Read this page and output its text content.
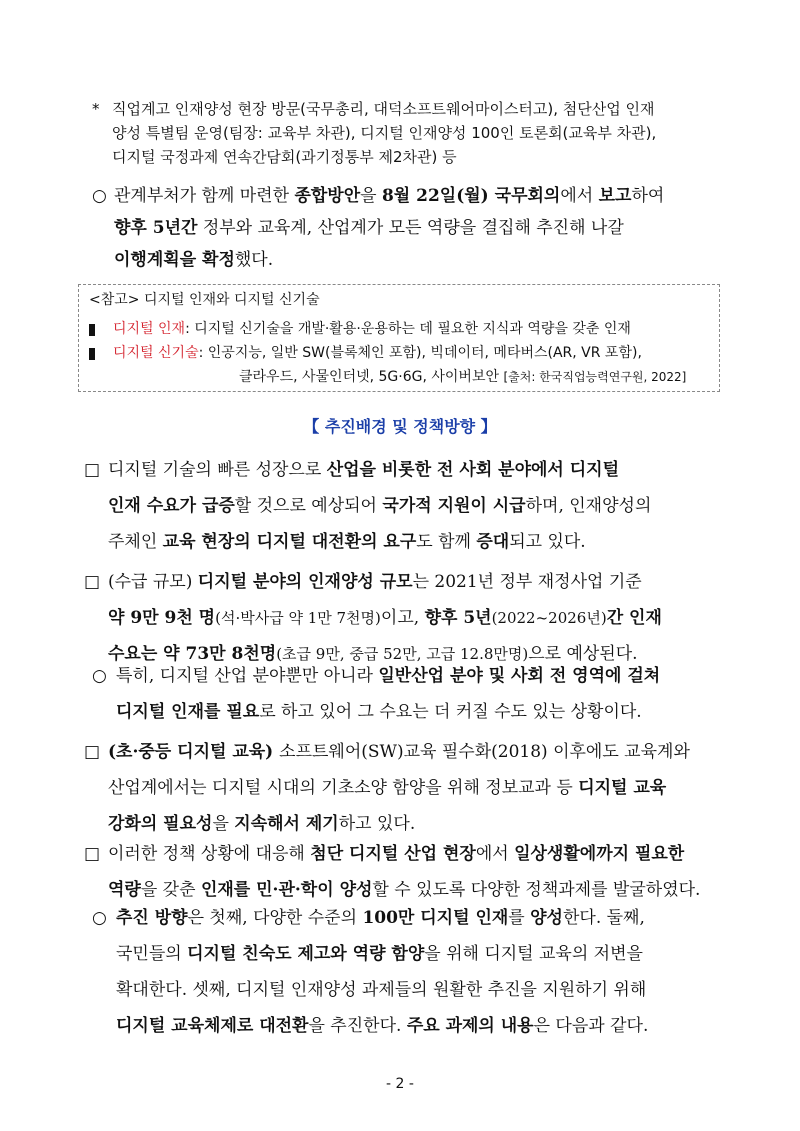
* 직업계고 인재양성 현장 방문(국무총리, 대덕소프트웨어마이스터고), 첨단산업 인재
양성 특별팀 운영(팀장: 교육부 차관), 디지털 인재양성 100인 토론회(교육부 차관),
디지털 국정과제 연속간담회(과기정통부 제2차관) 등
○ 관계부처가 함께 마련한 종합방안을 8월 22일(월) 국무회의에서 보고하여
향후 5년간 정부와 교육계, 산업계가 모든 역량을 결집해 추진해 나갈
이행계획을 확정했다.
<참고> 디지털 인재와 디지털 신기술
디지털 인재: 디지털 신기술을 개발·활용·운용하는 데 필요한 지식과 역량을 갖춘 인재
디지털 신기술: 인공지능, 일반 SW(블록체인 포함), 빅데이터, 메타버스(AR, VR 포함),
클라우드, 사물인터넷, 5G·6G, 사이버보안 [출처: 한국직업능력연구원, 2022]
【 추진배경 및 정책방향 】
□ 디지털 기술의 빠른 성장으로 산업을 비롯한 전 사회 분야에서 디지털
인재 수요가 급증할 것으로 예상되어 국가적 지원이 시급하며, 인재양성의
주체인 교육 현장의 디지털 대전환의 요구도 함께 증대되고 있다.
□ (수급 규모) 디지털 분야의 인재양성 규모는 2021년 정부 재정사업 기준
약 9만 9천 명(석·박사급 약 1만 7천명)이고, 향후 5년(2022~2026년)간 인재
수요는 약 73만 8천명(초급 9만, 중급 52만, 고급 12.8만명)으로 예상된다.
○ 특히, 디지털 산업 분야뿐만 아니라 일반산업 분야 및 사회 전 영역에 걸쳐
디지털 인재를 필요로 하고 있어 그 수요는 더 커질 수도 있는 상황이다.
□ (초·중등 디지털 교육) 소프트웨어(SW)교육 필수화(2018) 이후에도 교육계와
산업계에서는 디지털 시대의 기초소양 함양을 위해 정보교과 등 디지털 교육
강화의 필요성을 지속해서 제기하고 있다.
□ 이러한 정책 상황에 대응해 첨단 디지털 산업 현장에서 일상생활에까지 필요한
역량을 갖춘 인재를 민·관·학이 양성할 수 있도록 다양한 정책과제를 발굴하였다.
○ 추진 방향은 첫째, 다양한 수준의 100만 디지털 인재를 양성한다. 둘째,
국민들의 디지털 친숙도 제고와 역량 함양을 위해 디지털 교육의 저변을
확대한다. 셋째, 디지털 인재양성 과제들의 원활한 추진을 지원하기 위해
디지털 교육체제로 대전환을 추진한다. 주요 과제의 내용은 다음과 같다.
- 2 -
